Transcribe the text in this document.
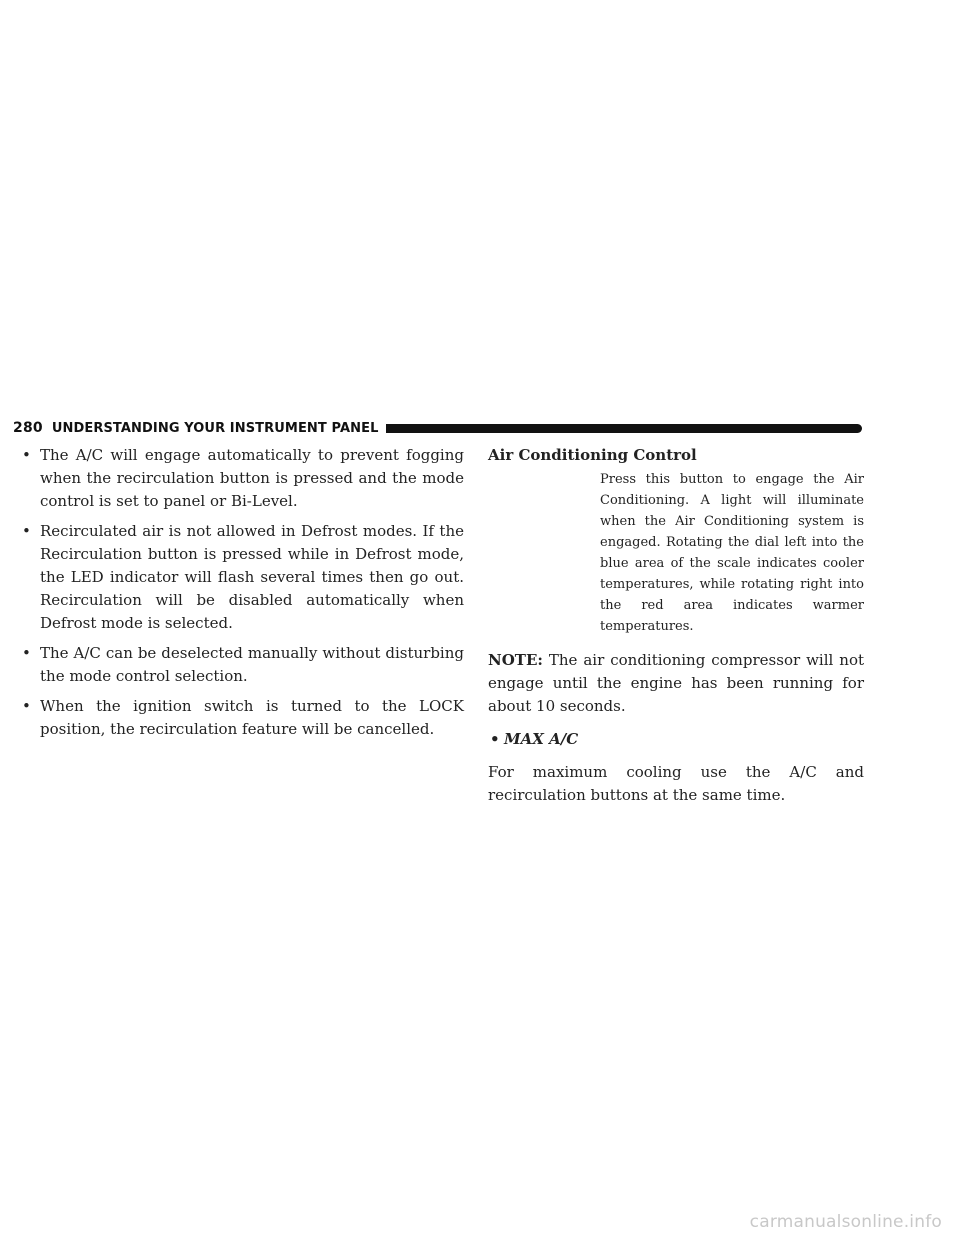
280 UNDERSTANDING YOUR INSTRUMENT PANEL
• The A/C will engage automatically to prevent fogging when the recirculation button is pressed and the mode control is set to panel or Bi-Level.
• Recirculated air is not allowed in Defrost modes. If the Recirculation button is pressed while in Defrost mode, the LED indicator will flash several times then go out. Recirculation will be disabled automatically when Defrost mode is selected.
• The A/C can be deselected manually without disturbing the mode control selection.
• When the ignition switch is turned to the LOCK position, the recirculation feature will be cancelled.
Air Conditioning Control
Press this button to engage the Air Conditioning. A light will illuminate when the Air Conditioning system is engaged. Rotating the dial left into the blue area of the scale indicates cooler temperatures, while rotating right into the red area indicates warmer temperatures.

NOTE: The air conditioning compressor will not engage until the engine has been running for about 10 seconds.

• MAX A/C

For maximum cooling use the A/C and recirculation buttons at the same time.

carmanualsonline.info
